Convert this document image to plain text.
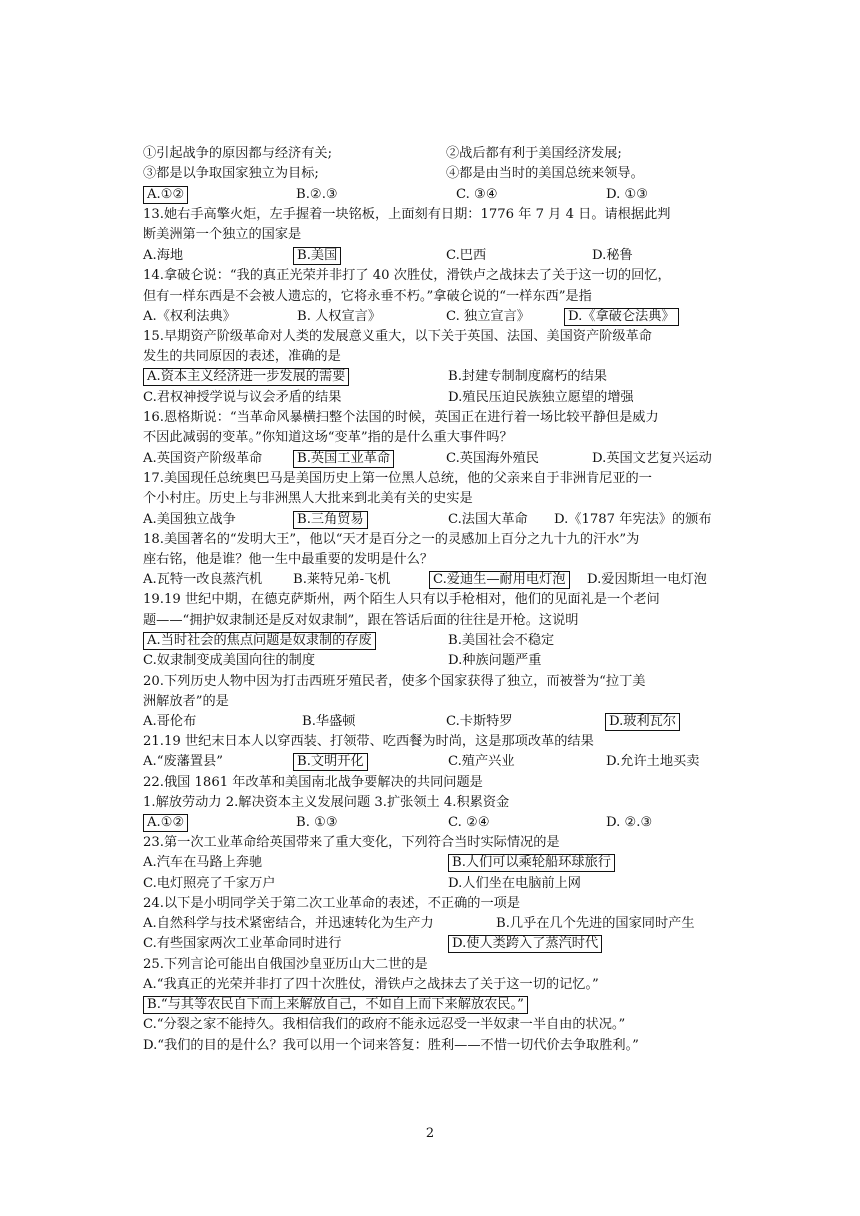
①引起战争的原因都与经济有关;	②战后都有利于美国经济发展;
③都是以争取国家独立为目标;	④都是由当时的美国总统来领导。
A.①②	B.②.③	C. ③④	D. ①③
13.她右手高擎火炬，左手握着一块铭板，上面刻有日期：1776 年 7 月 4 日。请根据此判
断美洲第一个独立的国家是
A.海地	B.美国	C.巴西	D.秘鲁
14.拿破仑说：“我的真正光荣并非打了 40 次胜仗，滑铁卢之战抹去了关于这一切的回忆，
但有一样东西是不会被人遗忘的，它将永垂不朽。”拿破仑说的“一样东西”是指
A.《权利法典》	B. 人权宣言》	C. 独立宣言》	D.《拿破仑法典》
15.早期资产阶级革命对人类的发展意义重大，以下关于英国、法国、美国资产阶级革命
发生的共同原因的表述，准确的是
A.资本主义经济进一步发展的需要	B.封建专制制度腐朽的结果
C.君权神授学说与议会矛盾的结果	D.殖民压迫民族独立愿望的增强
16.恩格斯说：“当革命风暴横扫整个法国的时候，英国正在进行着一场比较平静但是威力
不因此减弱的变革。”你知道这场“变革”指的是什么重大事件吗？
A.英国资产阶级革命	B.英国工业革命	C.英国海外殖民	D.英国文艺复兴运动
17.美国现任总统奥巴马是美国历史上第一位黑人总统，他的父亲来自于非洲肯尼亚的一
个小村庄。历史上与非洲黑人大批来到北美有关的史实是
A.美国独立战争	B.三角贸易	C.法国大革命 D.《1787 年宪法》的颁布
18.美国著名的“发明大王”，他以“天才是百分之一的灵感加上百分之九十九的汗水”为
座右铭，他是谁？他一生中最重要的发明是什么？
A.瓦特一改良蒸汽机 B.莱特兄弟-飞机	C.爱迪生—耐用电灯泡	D.爱因斯坦一电灯泡
19.19 世纪中期，在德克萨斯州，两个陌生人只有以手枪相对，他们的见面礼是一个老问
题——“拥护奴隶制还是反对奴隶制”，跟在答话后面的往往是开枪。这说明
A.当时社会的焦点问题是奴隶制的存废	B.美国社会不稳定
C.奴隶制变成美国向往的制度	D.种族问题严重
20.下列历史人物中因为打击西班牙殖民者，使多个国家获得了独立，而被誉为“拉丁美
洲解放者”的是
A.哥伦布	B.华盛顿	C.卡斯特罗	D.玻利瓦尔
21.19 世纪末日本人以穿西装、打领带、吃西餐为时尚，这是那项改革的结果
A.“废藩置县”	B.文明开化	C.殖产兴业	D.允许土地买卖
22.俄国 1861 年改革和美国南北战争要解决的共同问题是
1.解放劳动力 2.解决资本主义发展问题 3.扩张领土 4.积累资金
A.①②	B. ①③	C. ②④	D. ②.③
23.第一次工业革命给英国带来了重大变化，下列符合当时实际情况的是
A.汽车在马路上奔驰	B.人们可以乘轮船环球旅行
C.电灯照亮了千家万户	D.人们坐在电脑前上网
24.以下是小明同学关于第二次工业革命的表述，不正确的一项是
A.自然科学与技术紧密结合，并迅速转化为生产力	B.几乎在几个先进的国家同时产生
C.有些国家两次工业革命同时进行	D.使人类跨入了蒸汽时代
25.下列言论可能出自俄国沙皇亚历山大二世的是
A.“我真正的光荣并非打了四十次胜仗，滑铁卢之战抹去了关于这一切的记忆。”
B.“与其等农民自下而上来解放自己，不如自上而下来解放农民。”
C.“分裂之家不能持久。我相信我们的政府不能永远忍受一半奴隶一半自由的状况。”
D.“我们的目的是什么？我可以用一个词来答复：胜利——不惜一切代价去争取胜利。”
2
